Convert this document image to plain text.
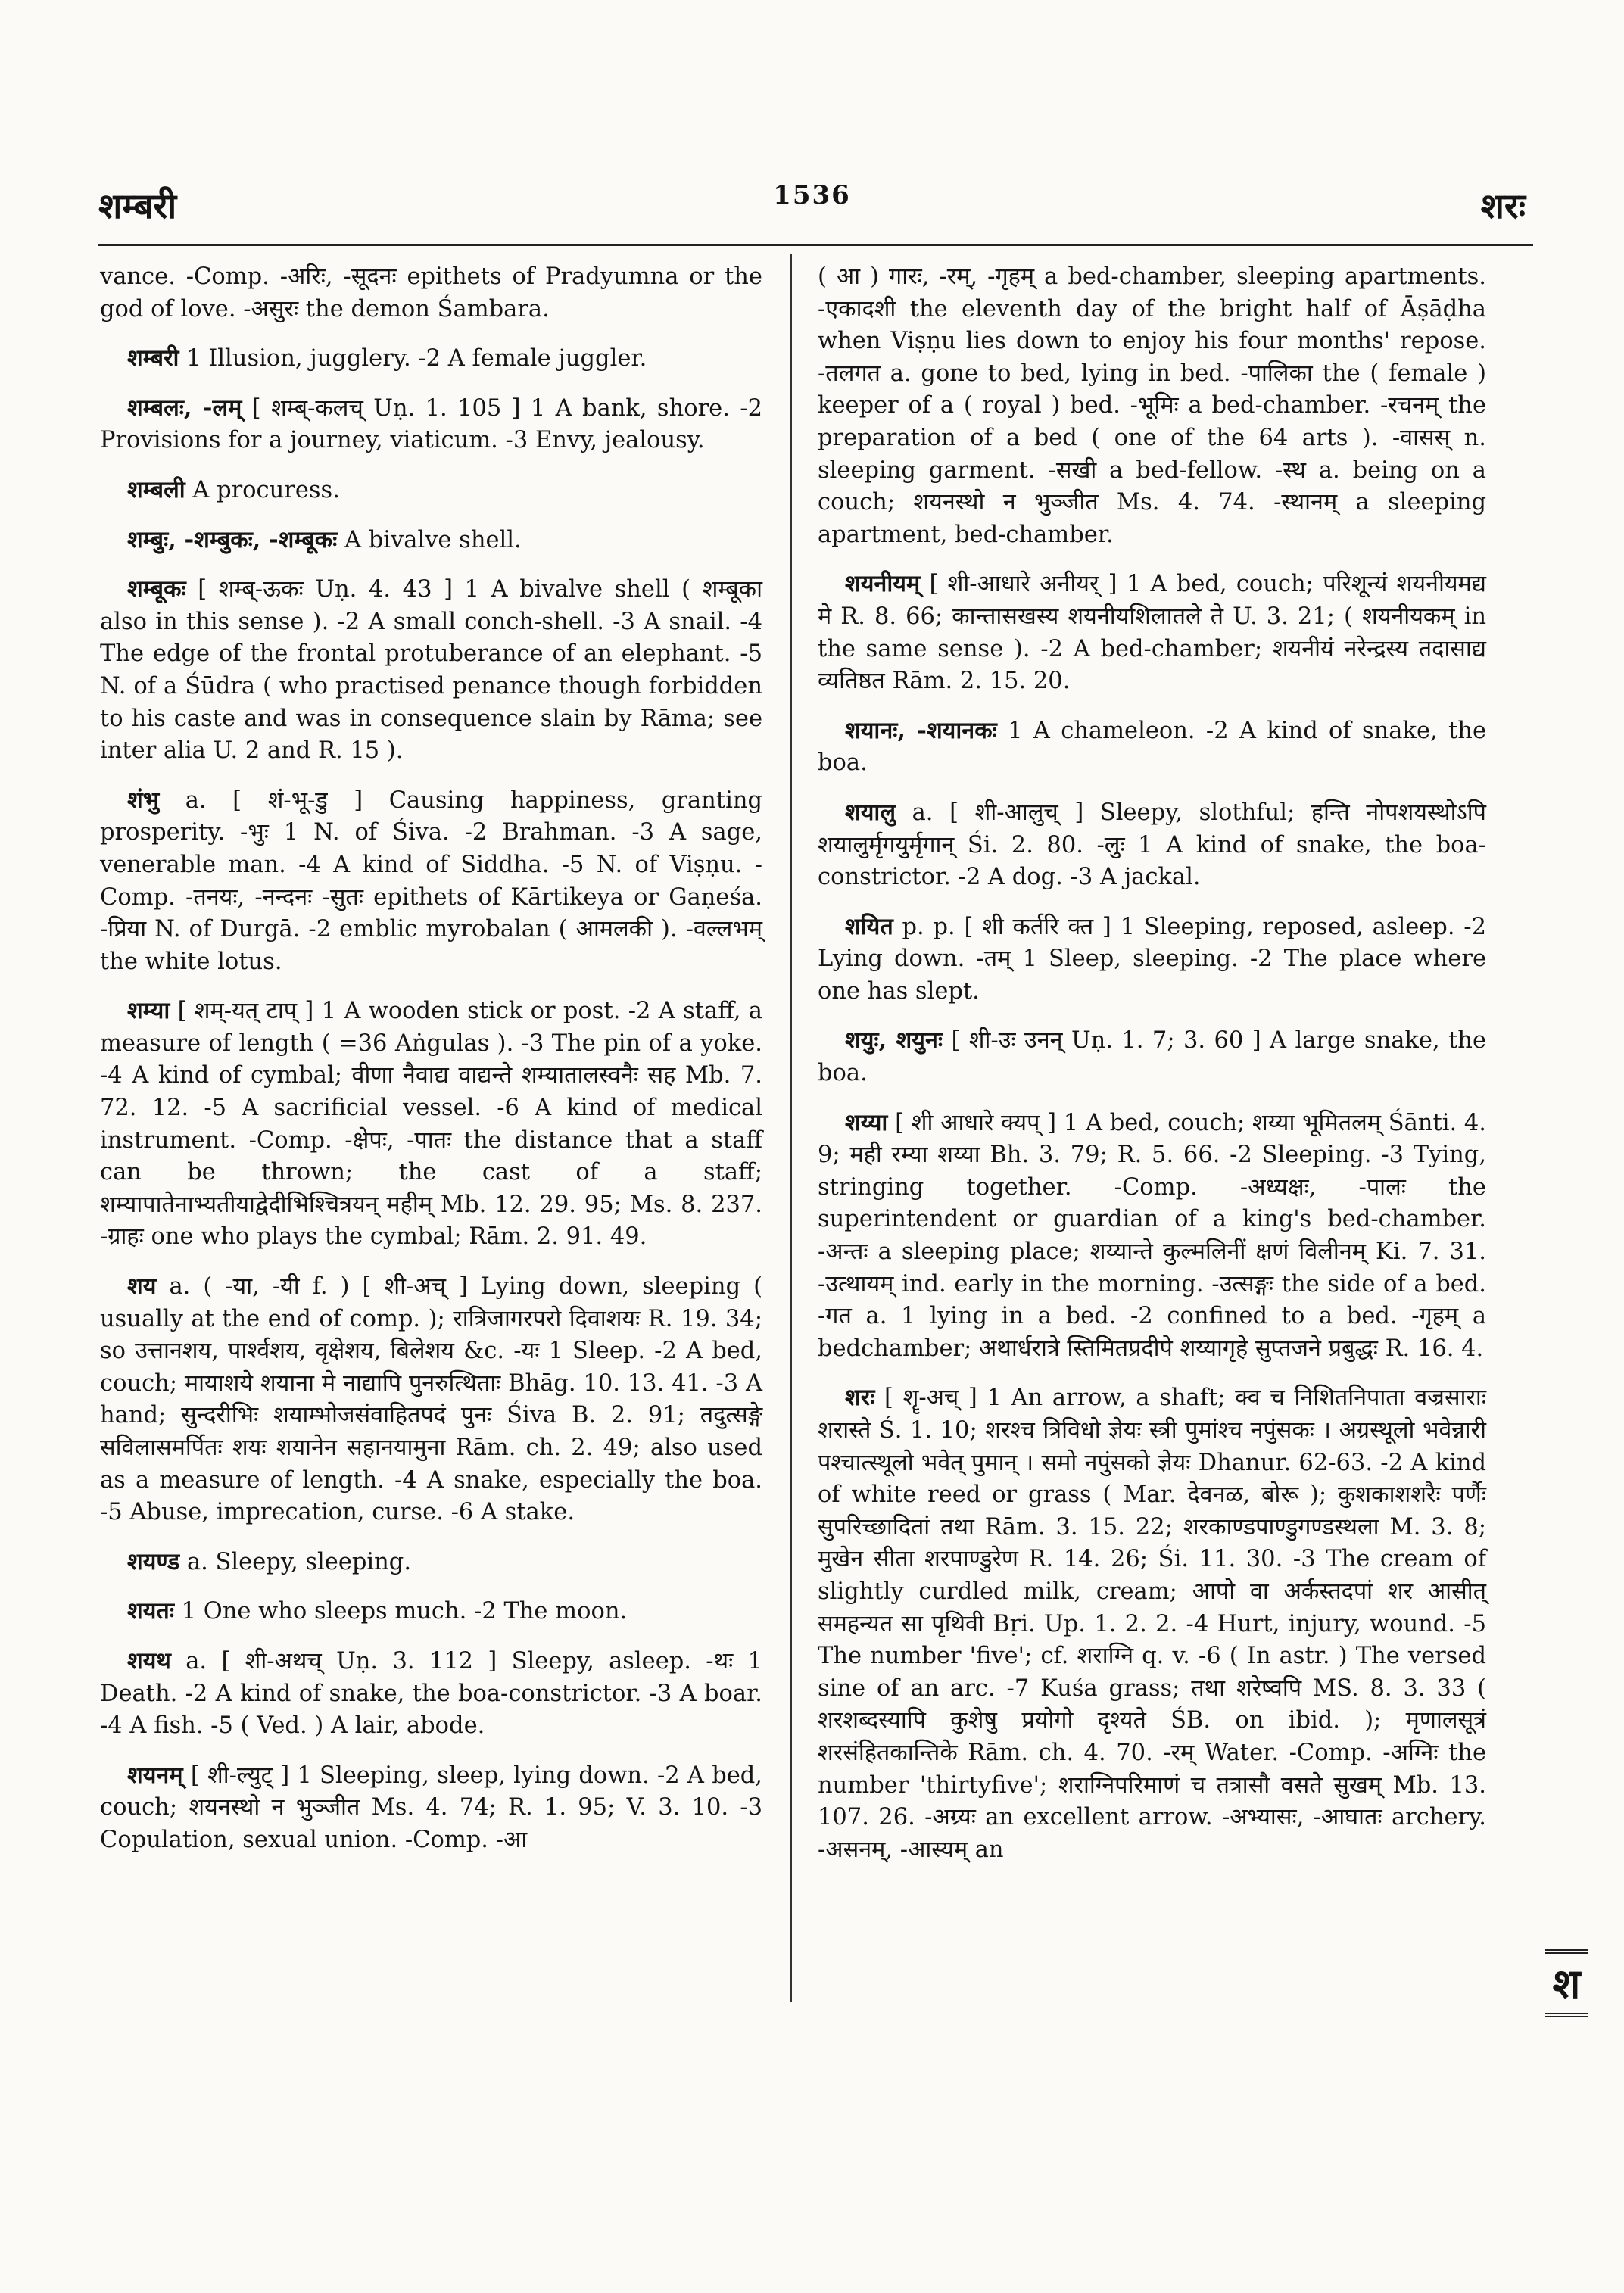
शम्बरी	1536	शरः

vance. -Comp. -अरिः, -सूदनः epithets of Pradyumna or the god of love. -असुरः the demon Śambara.

शम्बरी 1 Illusion, jugglery. -2 A female juggler.

शम्बलः, -लम् [ शम्ब्-कलच् Uṇ. 1. 105 ] 1 A bank, shore. -2 Provisions for a journey, viaticum. -3 Envy, jealousy.

शम्बली A procuress.

शम्बुः, -शम्बुकः, -शम्बूकः A bivalve shell.

शम्बूकः [ शम्ब्-ऊकः Uṇ. 4. 43 ] 1 A bivalve shell ( शम्बूका also in this sense ). -2 A small conch-shell. -3 A snail. -4 The edge of the frontal protuberance of an elephant. -5 N. of a Śūdra ( who practised penance though forbidden to his caste and was in consequence slain by Rāma; see inter alia U. 2 and R. 15 ).

शंभु a. [ शं-भू-डु ] Causing happiness, granting prosperity. -भुः 1 N. of Śiva. -2 Brahman. -3 A sage, venerable man. -4 A kind of Siddha. -5 N. of Viṣṇu. -Comp. -तनयः, -नन्दनः -सुतः epithets of Kārtikeya or Gaṇeśa. -प्रिया N. of Durgā. -2 emblic myrobalan ( आमलकी ). -वल्लभम् the white lotus.

शम्या [ शम्-यत् टाप् ] 1 A wooden stick or post. -2 A staff, a measure of length ( =36 Aṅgulas ). -3 The pin of a yoke. -4 A kind of cymbal; वीणा नैवाद्य वाद्यन्ते शम्यातालस्वनैः सह Mb. 7. 72. 12. -5 A sacrificial vessel. -6 A kind of medical instrument. -Comp. -क्षेपः, -पातः the distance that a staff can be thrown; the cast of a staff; शम्यापातेनाभ्यतीयाद्वेदीभिश्चित्रयन् महीम् Mb. 12. 29. 95; Ms. 8. 237. -ग्राहः one who plays the cymbal; Rām. 2. 91. 49.

शय a. ( -या, -यी f. ) [ शी-अच् ] Lying down, sleeping ( usually at the end of comp. ); रात्रिजागरपरो दिवाशयः R. 19. 34; so उत्तानशय, पार्श्वशय, वृक्षेशय, बिलेशय &c. -यः 1 Sleep. -2 A bed, couch; मायाशये शयाना मे नाद्यापि पुनरुत्थिताः Bhāg. 10. 13. 41. -3 A hand; सुन्दरीभिः शयाम्भोजसंवाहितपदं पुनः Śiva B. 2. 91; तदुत्सङ्गे सविलासमर्पितः शयः शयानेन सहानयामुना Rām. ch. 2. 49; also used as a measure of length. -4 A snake, especially the boa. -5 Abuse, imprecation, curse. -6 A stake.

शयण्ड a. Sleepy, sleeping.

शयतः 1 One who sleeps much. -2 The moon.

शयथ a. [ शी-अथच् Uṇ. 3. 112 ] Sleepy, asleep. -थः 1 Death. -2 A kind of snake, the boa-constrictor. -3 A boar. -4 A fish. -5 ( Ved. ) A lair, abode.

शयनम् [ शी-ल्युट् ] 1 Sleeping, sleep, lying down. -2 A bed, couch; शयनस्थो न भुञ्जीत Ms. 4. 74; R. 1. 95; V. 3. 10. -3 Copulation, sexual union. -Comp. -आ

( आ ) गारः, -रम्, -गृहम् a bed-chamber, sleeping apartments. -एकादशी the eleventh day of the bright half of Āṣāḍha when Viṣṇu lies down to enjoy his four months' repose. -तलगत a. gone to bed, lying in bed. -पालिका the ( female ) keeper of a ( royal ) bed. -भूमिः a bed-chamber. -रचनम् the preparation of a bed ( one of the 64 arts ). -वासस् n. sleeping garment. -सखी a bed-fellow. -स्थ a. being on a couch; शयनस्थो न भुञ्जीत Ms. 4. 74. -स्थानम् a sleeping apartment, bed-chamber.

शयनीयम् [ शी-आधारे अनीयर् ] 1 A bed, couch; परिशून्यं शयनीयमद्य मे R. 8. 66; कान्तासखस्य शयनीयशिलातले ते U. 3. 21; ( शयनीयकम् in the same sense ). -2 A bed-chamber; शयनीयं नरेन्द्रस्य तदासाद्य व्यतिष्ठत Rām. 2. 15. 20.

शयानः, -शयानकः 1 A chameleon. -2 A kind of snake, the boa.

शयालु a. [ शी-आलुच् ] Sleepy, slothful; हन्ति नोपशयस्थोऽपि शयालुर्मृगयुर्मृगान् Śi. 2. 80. -लुः 1 A kind of snake, the boa-constrictor. -2 A dog. -3 A jackal.

शयित p. p. [ शी कर्तरि क्त ] 1 Sleeping, reposed, asleep. -2 Lying down. -तम् 1 Sleep, sleeping. -2 The place where one has slept.

शयुः, शयुनः [ शी-उः उनन् Uṇ. 1. 7; 3. 60 ] A large snake, the boa.

शय्या [ शी आधारे क्यप् ] 1 A bed, couch; शय्या भूमितलम् Śānti. 4. 9; मही रम्या शय्या Bh. 3. 79; R. 5. 66. -2 Sleeping. -3 Tying, stringing together. -Comp. -अध्यक्षः, -पालः the superintendent or guardian of a king's bed-chamber. -अन्तः a sleeping place; शय्यान्ते कुल्मलिनीं क्षणं विलीनम् Ki. 7. 31. -उत्थायम् ind. early in the morning. -उत्सङ्गः the side of a bed. -गत a. 1 lying in a bed. -2 confined to a bed. -गृहम् a bedchamber; अथार्धरात्रे स्तिमितप्रदीपे शय्यागृहे सुप्तजने प्रबुद्धः R. 16. 4.

शरः [ शॄ-अच् ] 1 An arrow, a shaft; क्व च निशितनिपाता वज्रसाराः शरास्ते Ś. 1. 10; शरश्च त्रिविधो ज्ञेयः स्त्री पुमांश्च नपुंसकः । अग्रस्थूलो भवेन्नारी पश्चात्स्थूलो भवेत् पुमान् । समो नपुंसको ज्ञेयः Dhanur. 62-63. -2 A kind of white reed or grass ( Mar. देवनळ, बोरू ); कुशकाशशरैः पर्णैः सुपरिच्छादितां तथा Rām. 3. 15. 22; शरकाण्डपाण्डुगण्डस्थला M. 3. 8; मुखेन सीता शरपाण्डुरेण R. 14. 26; Śi. 11. 30. -3 The cream of slightly curdled milk, cream; आपो वा अर्कस्तदपां शर आसीत् समहन्यत सा पृथिवी Bṛi. Up. 1. 2. 2. -4 Hurt, injury, wound. -5 The number 'five'; cf. शराग्नि q. v. -6 ( In astr. ) The versed sine of an arc. -7 Kuśa grass; तथा शरेष्वपि MS. 8. 3. 33 ( शरशब्दस्यापि कुशेषु प्रयोगो दृश्यते ŚB. on ibid. ); मृणालसूत्रं शरसंहितकान्तिके Rām. ch. 4. 70. -रम् Water. -Comp. -अग्निः the number 'thirtyfive'; शराग्निपरिमाणं च तत्रासौ वसते सुखम् Mb. 13. 107. 26. -अग्र्यः an excellent arrow. -अभ्यासः, -आघातः archery. -असनम्, -आस्यम् an

श
